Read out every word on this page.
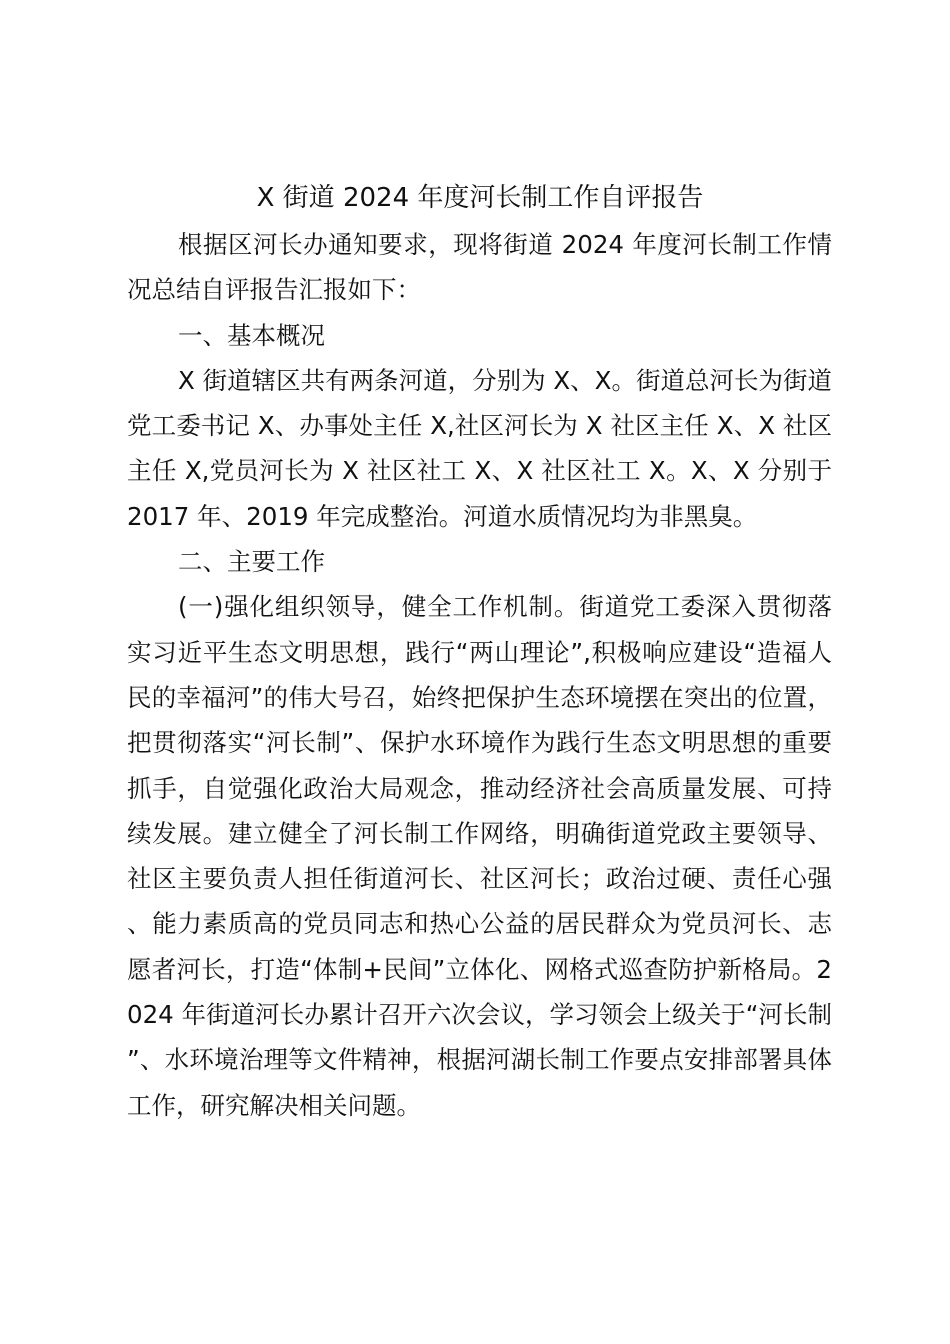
X 街道 2024 年度河长制工作自评报告

根据区河长办通知要求，现将街道 2024 年度河长制工作情况总结自评报告汇报如下：

一、基本概况

X 街道辖区共有两条河道，分别为 X、X。街道总河长为街道党工委书记 X、办事处主任 X,社区河长为 X 社区主任 X、X 社区主任 X,党员河长为 X 社区社工 X、X 社区社工 X。X、X 分别于 2017 年、2019 年完成整治。河道水质情况均为非黑臭。

二、主要工作

(一)强化组织领导，健全工作机制。街道党工委深入贯彻落实习近平生态文明思想，践行“两山理论”,积极响应建设“造福人民的幸福河”的伟大号召，始终把保护生态环境摆在突出的位置，把贯彻落实“河长制”、保护水环境作为践行生态文明思想的重要抓手，自觉强化政治大局观念，推动经济社会高质量发展、可持续发展。建立健全了河长制工作网络，明确街道党政主要领导、社区主要负责人担任街道河长、社区河长；政治过硬、责任心强、能力素质高的党员同志和热心公益的居民群众为党员河长、志愿者河长，打造“体制+民间”立体化、网格式巡查防护新格局。2024 年街道河长办累计召开六次会议，学习领会上级关于“河长制”、水环境治理等文件精神，根据河湖长制工作要点安排部署具体工作，研究解决相关问题。
